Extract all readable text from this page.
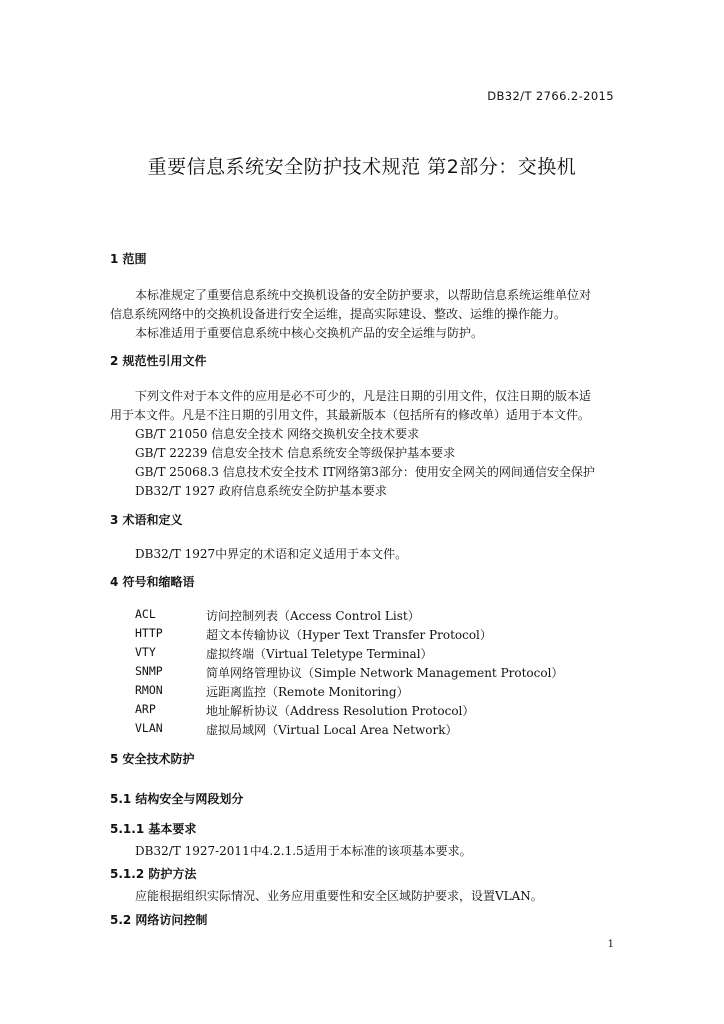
DB32/T 2766.2-2015
重要信息系统安全防护技术规范 第2部分：交换机
1 范围
本标准规定了重要信息系统中交换机设备的安全防护要求，以帮助信息系统运维单位对
信息系统网络中的交换机设备进行安全运维，提高实际建设、整改、运维的操作能力。
本标准适用于重要信息系统中核心交换机产品的安全运维与防护。
2 规范性引用文件
下列文件对于本文件的应用是必不可少的，凡是注日期的引用文件，仅注日期的版本适
用于本文件。凡是不注日期的引用文件，其最新版本（包括所有的修改单）适用于本文件。
GB/T 21050 信息安全技术 网络交换机安全技术要求
GB/T 22239 信息安全技术 信息系统安全等级保护基本要求
GB/T 25068.3 信息技术安全技术 IT网络第3部分：使用安全网关的网间通信安全保护
DB32/T 1927 政府信息系统安全防护基本要求
3 术语和定义
DB32/T 1927中界定的术语和定义适用于本文件。
4 符号和缩略语
ACL	访问控制列表（Access Control List）
HTTP	超文本传输协议（Hyper Text Transfer Protocol）
VTY	虚拟终端（Virtual Teletype Terminal）
SNMP	简单网络管理协议（Simple Network Management Protocol）
RMON	远距离监控（Remote Monitoring）
ARP	地址解析协议（Address Resolution Protocol）
VLAN	虚拟局域网（Virtual Local Area Network）
5 安全技术防护
5.1 结构安全与网段划分
5.1.1 基本要求
DB32/T 1927-2011中4.2.1.5适用于本标准的该项基本要求。
5.1.2 防护方法
应能根据组织实际情况、业务应用重要性和安全区域防护要求，设置VLAN。
5.2 网络访问控制
1
